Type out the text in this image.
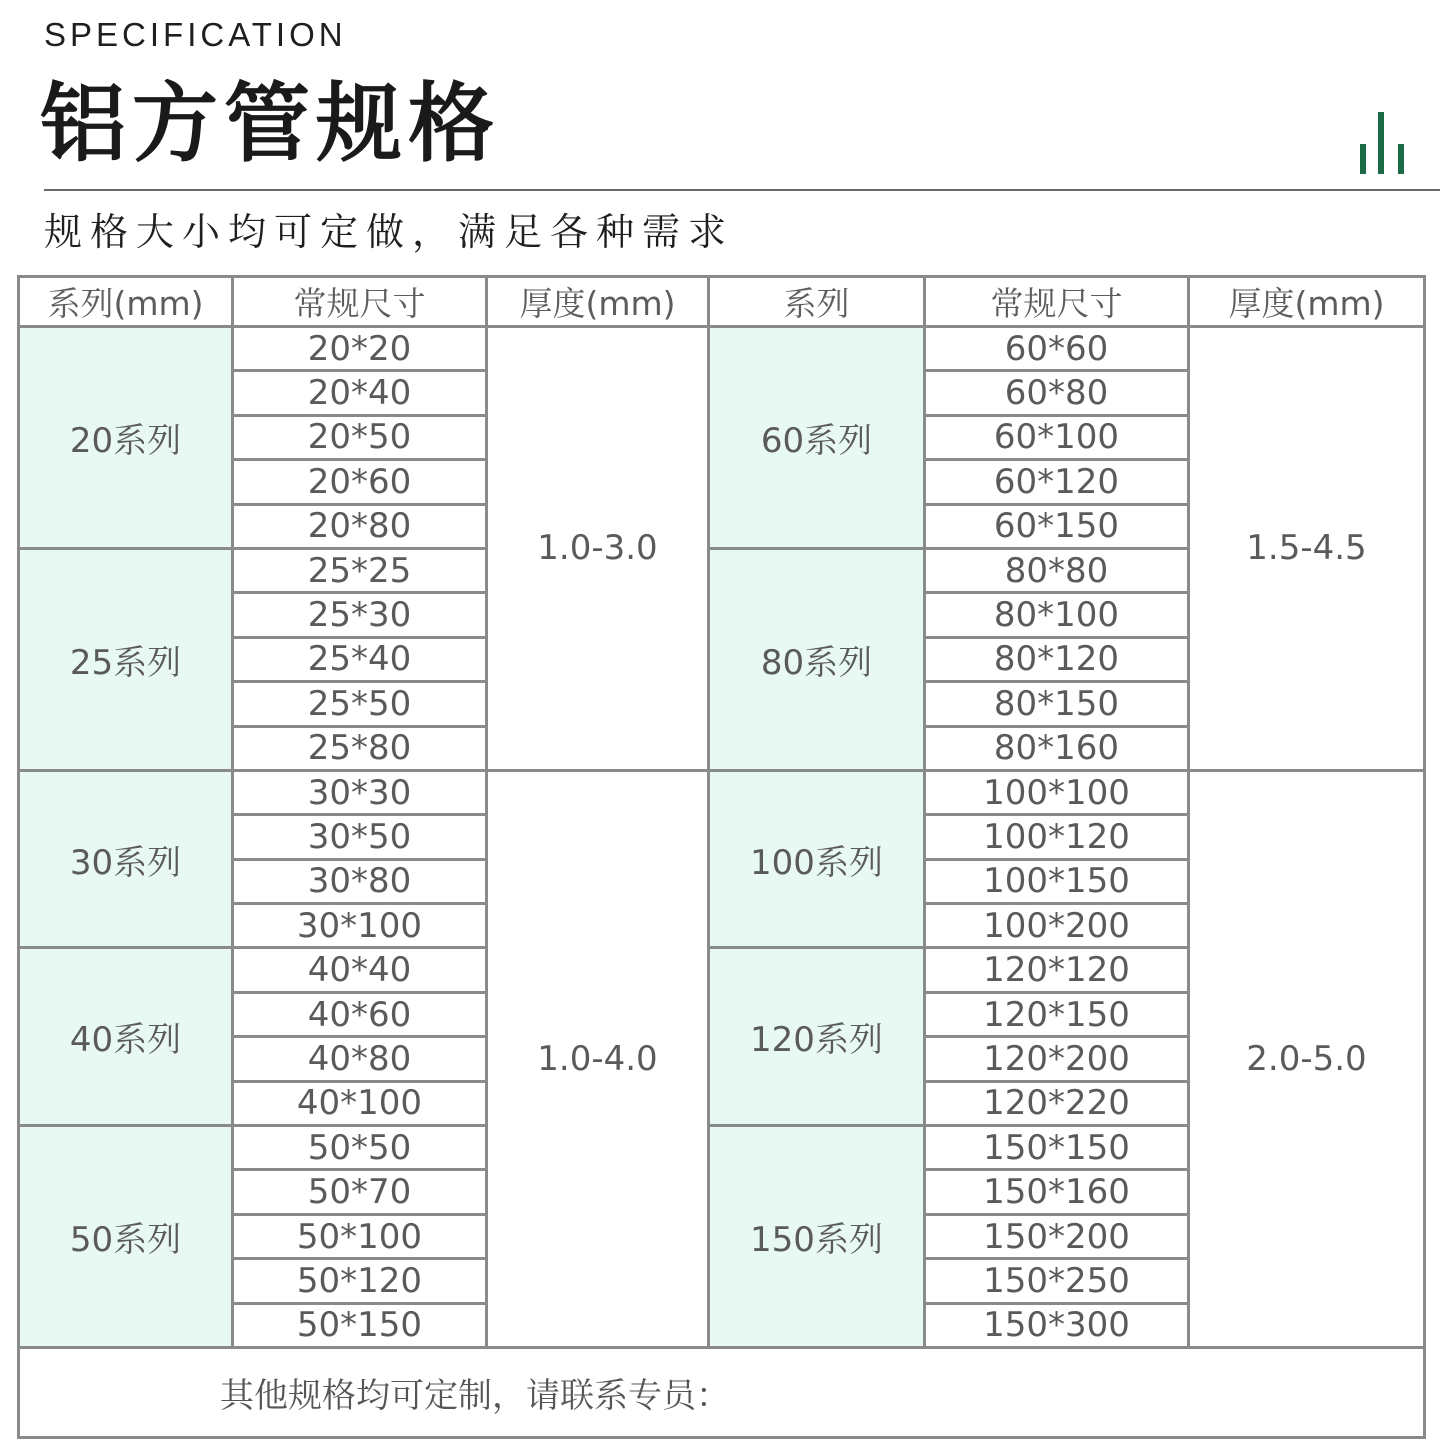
SPECIFICATION
铝方管规格
规格大小均可定做，满足各种需求
系列(mm)	常规尺寸	厚度(mm)	系列	常规尺寸	厚度(mm)
20系列	20*20	1.0-3.0	60系列	60*60	1.5-4.5
	20*40			60*80	
	20*50			60*100	
	20*60			60*120	
	20*80			60*150	
25系列	25*25		80系列	80*80	
	25*30			80*100	
	25*40			80*120	
	25*50			80*150	
	25*80			80*160	
30系列	30*30	1.0-4.0	100系列	100*100	2.0-5.0
	30*50			100*120	
	30*80			100*150	
	30*100			100*200	
40系列	40*40		120系列	120*120	
	40*60			120*150	
	40*80			120*200	
	40*100			120*220	
50系列	50*50		150系列	150*150	
	50*70			150*160	
	50*100			150*200	
	50*120			150*250	
	50*150			150*300	
其他规格均可定制，请联系专员：					
